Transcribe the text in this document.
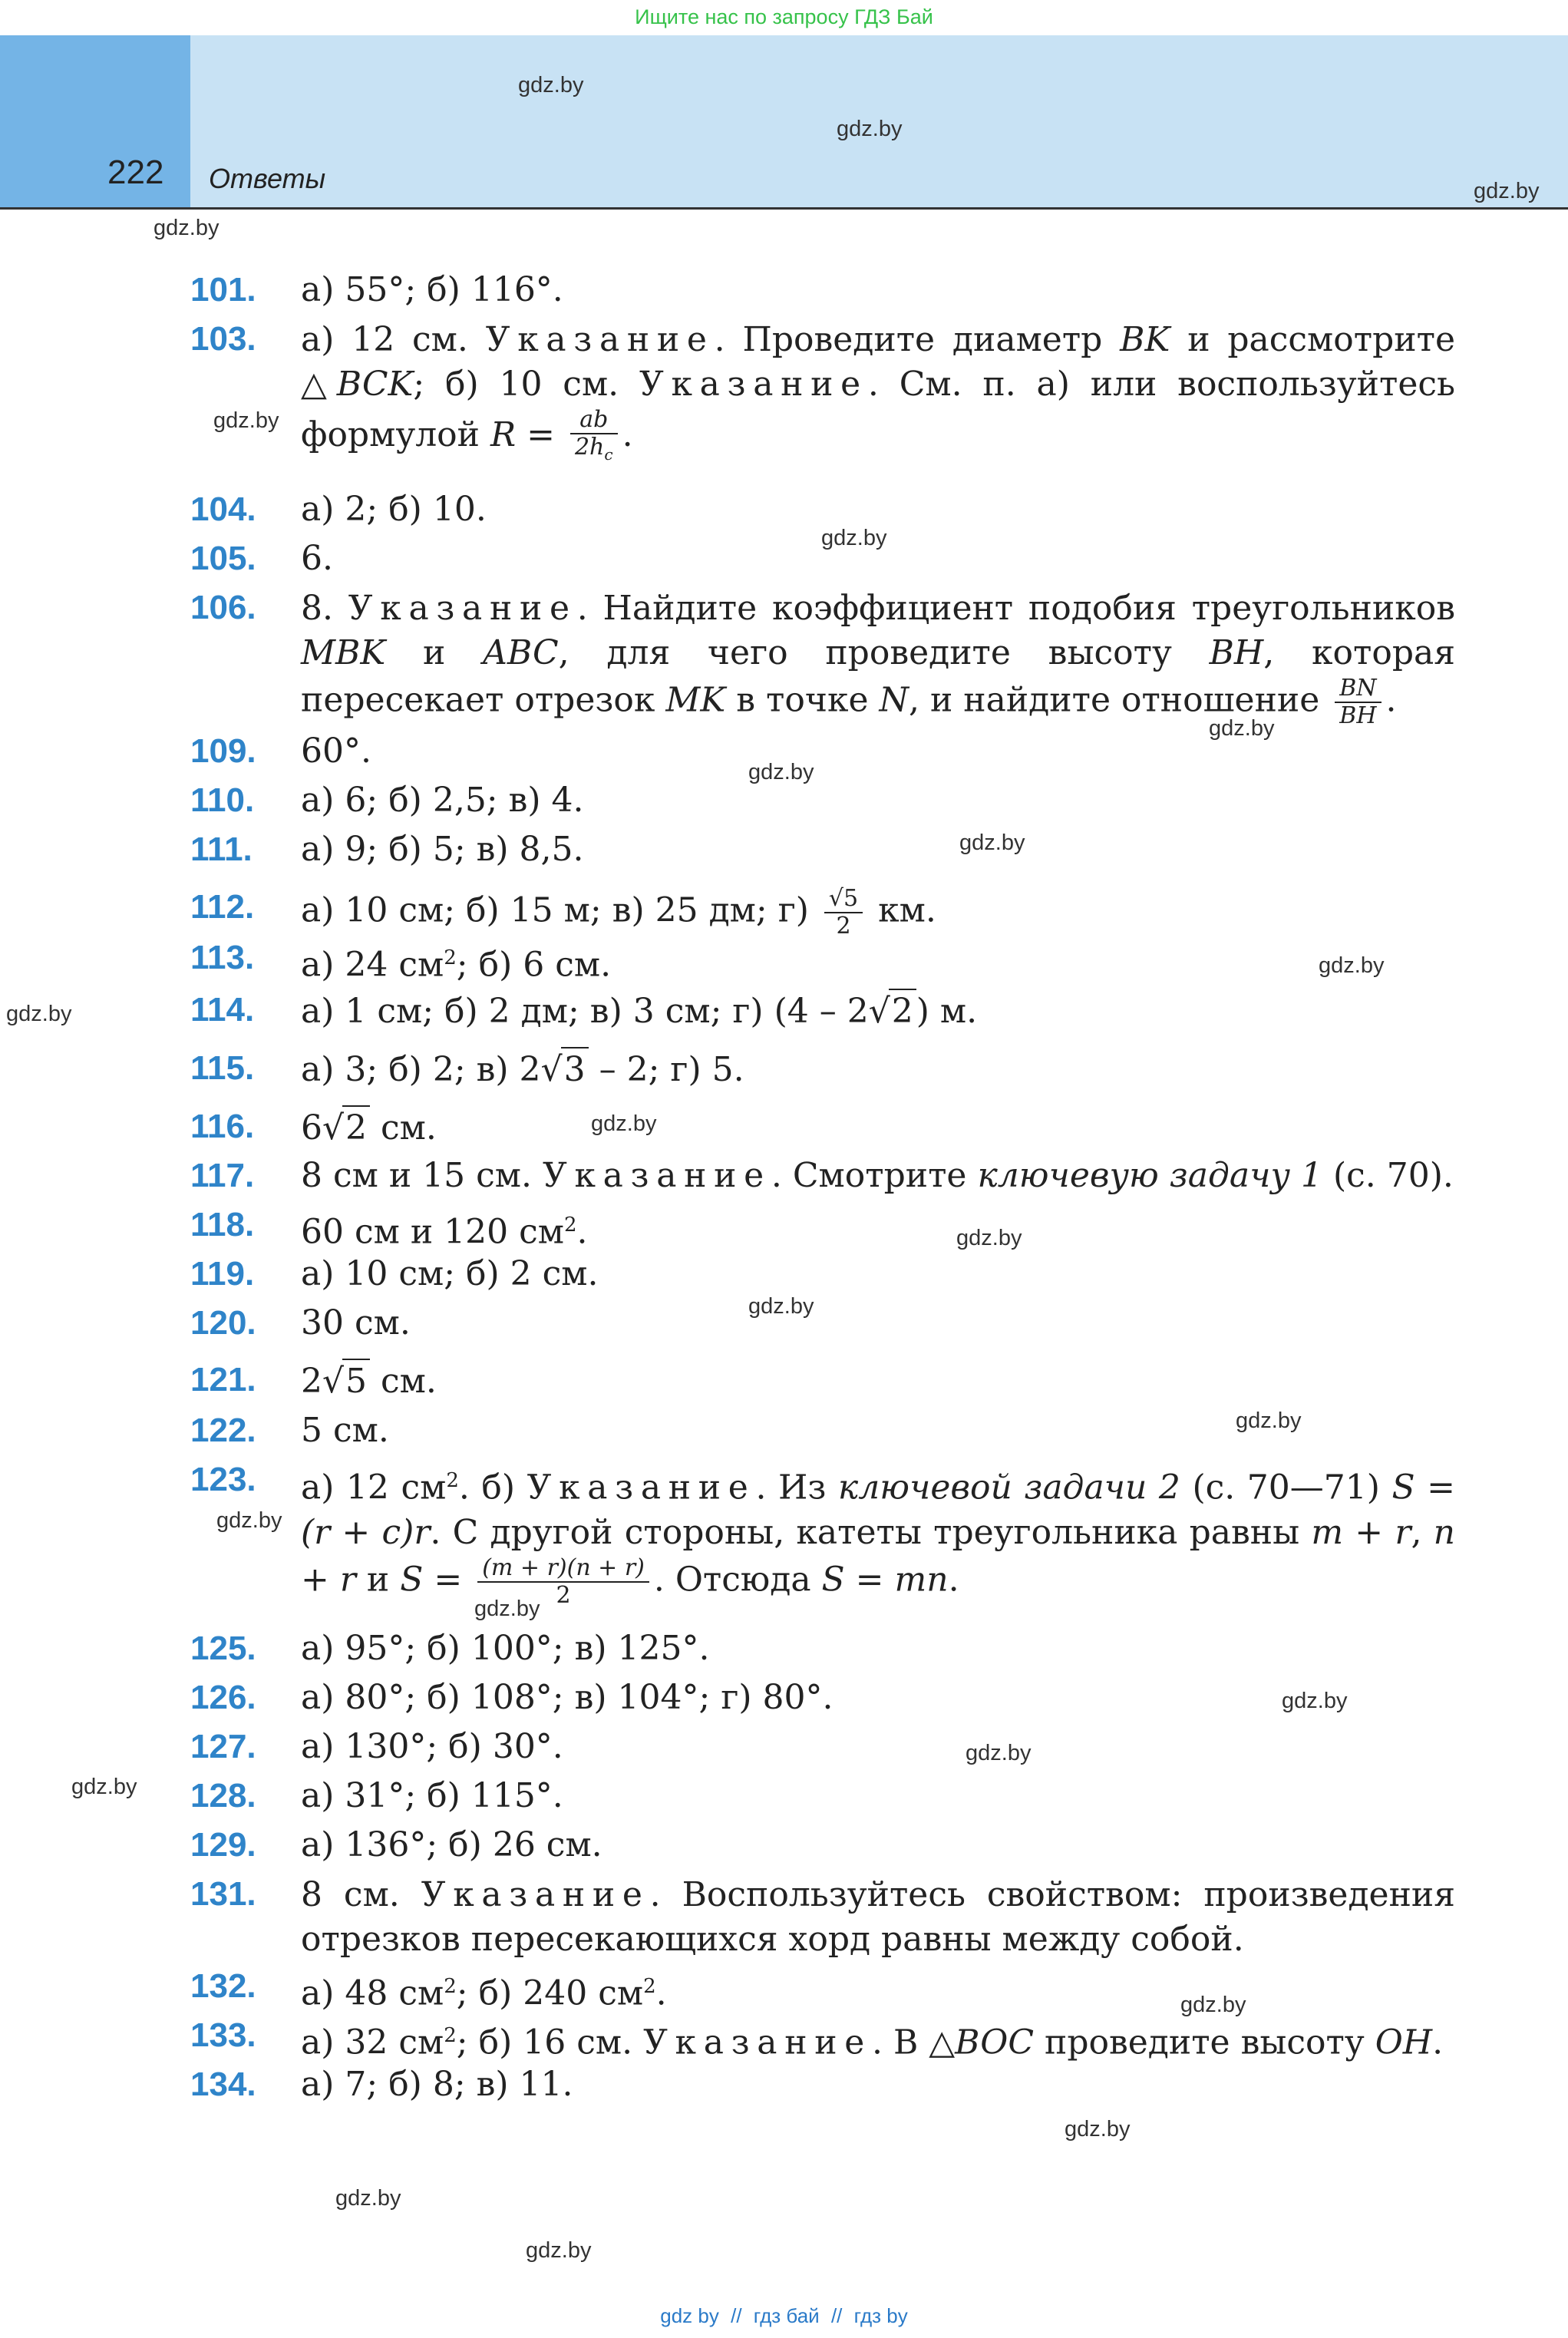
Ищите нас по запросу ГДЗ Бай
222 Ответы
gdz.by
gdz.by
gdz.by
gdz.by
gdz.by
gdz.by
gdz.by
gdz.by
gdz.by
gdz.by
gdz.by
gdz.by
gdz.by
gdz.by
gdz.by
gdz.by
gdz.by
gdz.by
gdz.by
gdz.by
gdz.by
gdz.by
gdz.by
gdz.by
101.	а) 55°; б) 116°.
103.	а) 12 см. Указание. Проведите диаметр BK и рассмотрите △BCK; б) 10 см. Указание. См. п. а) или воспользуйтесь формулой $R = \frac{ab}{2h_c}$ .
104.	а) 2; б) 10.
105.	6.
106.	8. Указание. Найдите коэффициент подобия треугольников MBK и ABC, для чего проведите высоту BH, которая пересекает отрезок MK в точке N, и найдите отношение $\frac{BN}{BH}$ .
109.	60°.
110.	а) 6; б) 2,5; в) 4.
111.	а) 9; б) 5; в) 8,5.
112.	а) 10 см; б) 15 м; в) 25 дм; $г) \frac{√5}{2}$ км.
113.	а) 24 $см^2$; б) 6 см.
114.	а) 1 см; б) 2 дм; в) 3 см; г) (4 – 2√2) м.
115.	а) 3; б) 2; в) 2√3 – 2; г) 5.
116.	6√2 см.
117.	8 см и 15 см. Указание. Смотрите ключевую задачу 1 (с. 70).
118.	60 см и 120 $см^2$.
119.	а) 10 см; б) 2 см.
120.	30 см.
121.	2√5 см.
122.	5 см.
123.	а) 12 $см^2$. б) Указание. Из ключевой задачи 2 (с. 70—71) S = (r + c)r. С другой стороны, катеты треугольника равны m + r, n + r и $S = \frac{(m + r)(n + r)}{2}$ . Отсюда S = mn.
125.	а) 95°; б) 100°; в) 125°.
126.	а) 80°; б) 108°; в) 104°; г) 80°.
127.	а) 130°; б) 30°.
128.	а) 31°; б) 115°.
129.	а) 136°; б) 26 см.
131.	8 см. Указание. Воспользуйтесь свойством: произведения отрезков пересекающихся хорд равны между собой.
132.	а) 48 $см^2$; б) 240 $см^2$.
133.	а) 32 $см^2$; б) 16 см. Указание. В △BOC проведите высоту OH.
134.	а) 7; б) 8; в) 11.
gdz by // гдз бай // гдз by
